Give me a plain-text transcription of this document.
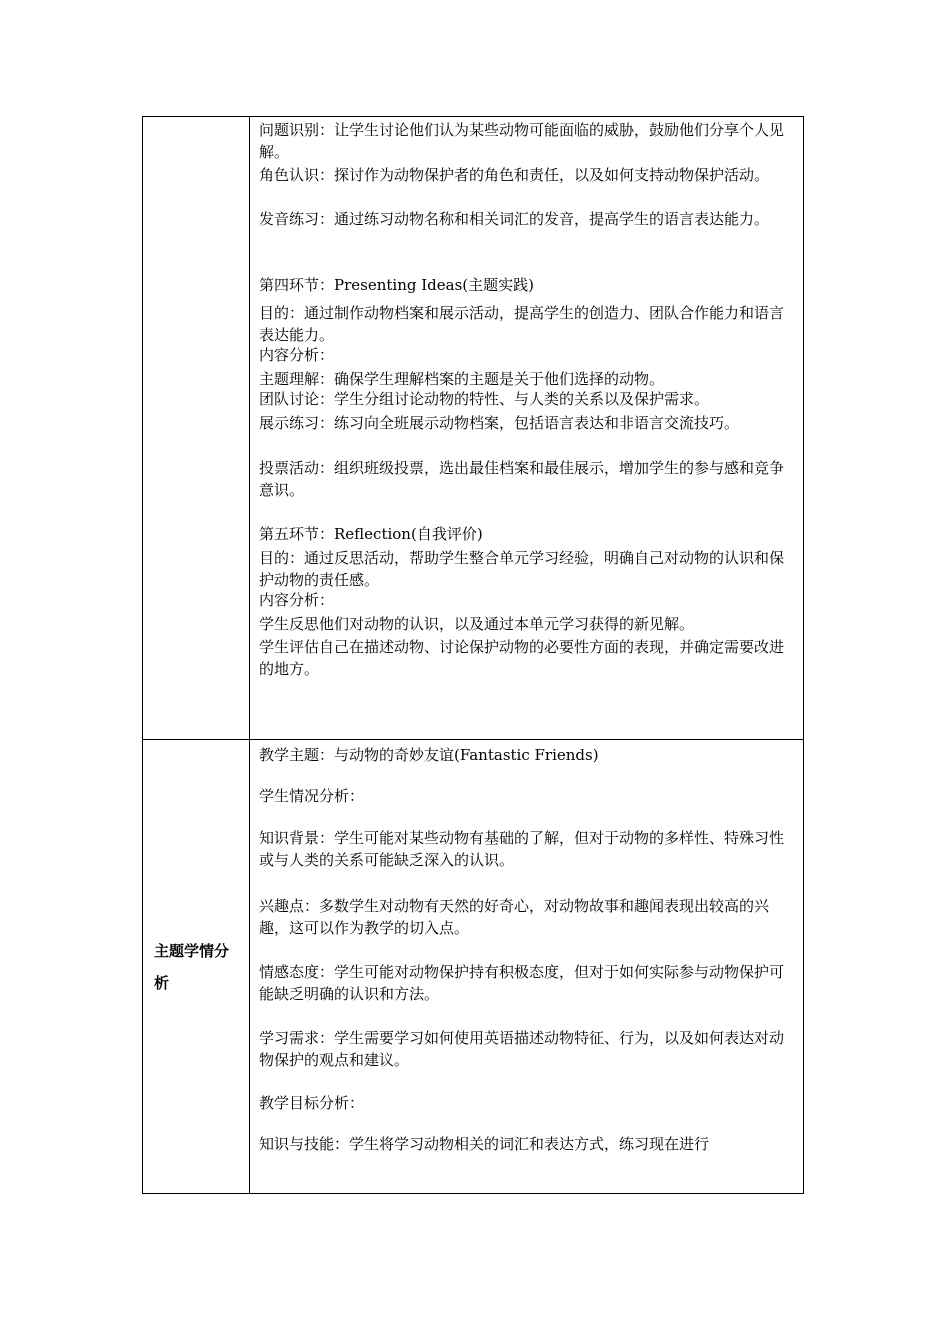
问题识别：让学生讨论他们认为某些动物可能面临的威胁，鼓励他们分享个人见解。
角色认识：探讨作为动物保护者的角色和责任，以及如何支持动物保护活动。
发音练习：通过练习动物名称和相关词汇的发音，提高学生的语言表达能力。
第四环节：Presenting Ideas(主题实践)
目的：通过制作动物档案和展示活动，提高学生的创造力、团队合作能力和语言表达能力。
内容分析：
主题理解：确保学生理解档案的主题是关于他们选择的动物。
团队讨论：学生分组讨论动物的特性、与人类的关系以及保护需求。
展示练习：练习向全班展示动物档案，包括语言表达和非语言交流技巧。
投票活动：组织班级投票，选出最佳档案和最佳展示，增加学生的参与感和竞争意识。
第五环节：Reflection(自我评价)
目的：通过反思活动，帮助学生整合单元学习经验，明确自己对动物的认识和保护动物的责任感。
内容分析：
学生反思他们对动物的认识，以及通过本单元学习获得的新见解。
学生评估自己在描述动物、讨论保护动物的必要性方面的表现，并确定需要改进的地方。
主题学情分析
教学主题：与动物的奇妙友谊(Fantastic Friends)
学生情况分析：
知识背景：学生可能对某些动物有基础的了解，但对于动物的多样性、特殊习性或与人类的关系可能缺乏深入的认识。
兴趣点：多数学生对动物有天然的好奇心，对动物故事和趣闻表现出较高的兴趣，这可以作为教学的切入点。
情感态度：学生可能对动物保护持有积极态度，但对于如何实际参与动物保护可能缺乏明确的认识和方法。
学习需求：学生需要学习如何使用英语描述动物特征、行为，以及如何表达对动物保护的观点和建议。
教学目标分析：
知识与技能：学生将学习动物相关的词汇和表达方式，练习现在进行
